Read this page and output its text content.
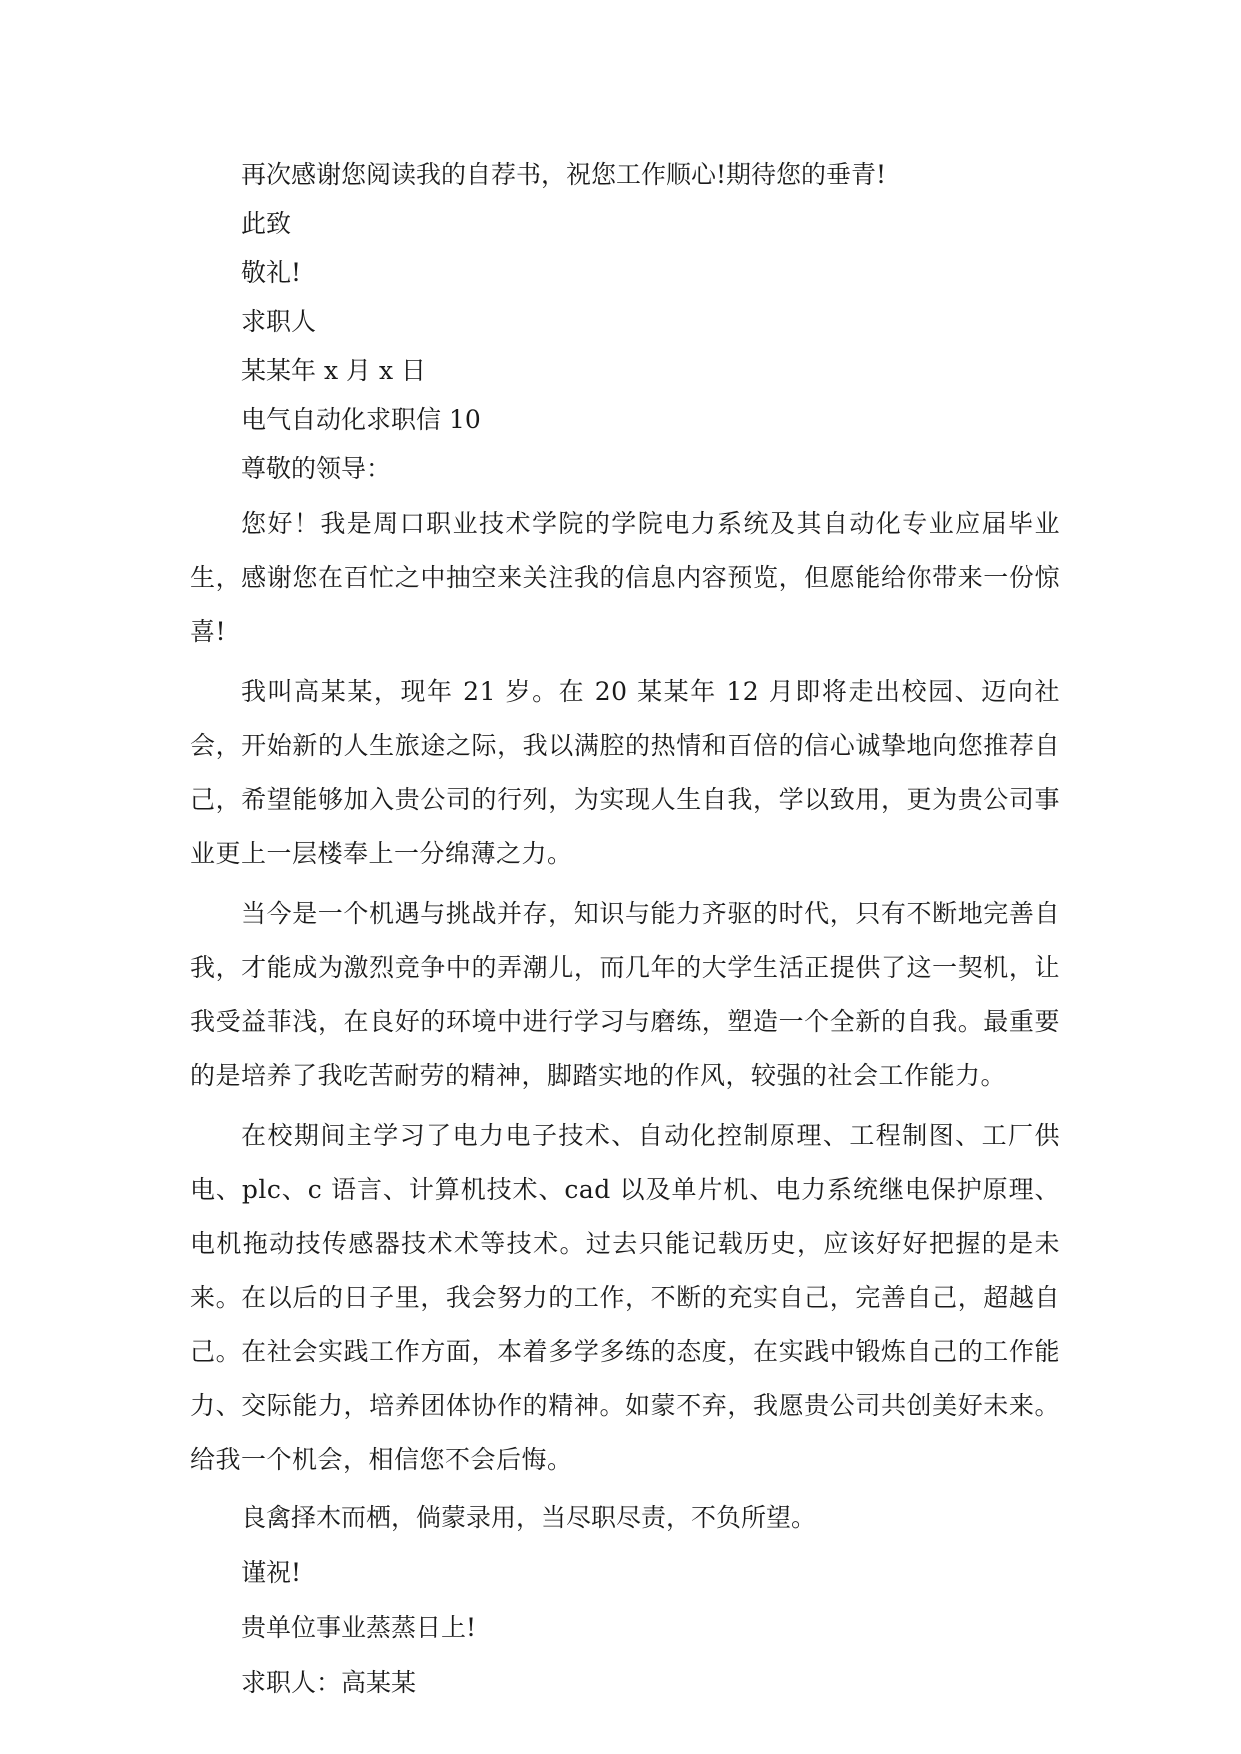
再次感谢您阅读我的自荐书，祝您工作顺心!期待您的垂青!
此致
敬礼!
求职人
某某年 x 月 x 日
电气自动化求职信 10
尊敬的领导：

您好！我是周口职业技术学院的学院电力系统及其自动化专业应届毕业生，感谢您在百忙之中抽空来关注我的信息内容预览，但愿能给你带来一份惊喜!

我叫高某某，现年 21 岁。在 20 某某年 12 月即将走出校园、迈向社会，开始新的人生旅途之际，我以满腔的热情和百倍的信心诚挚地向您推荐自己，希望能够加入贵公司的行列，为实现人生自我，学以致用，更为贵公司事业更上一层楼奉上一分绵薄之力。

当今是一个机遇与挑战并存，知识与能力齐驱的时代，只有不断地完善自我，才能成为激烈竞争中的弄潮儿，而几年的大学生活正提供了这一契机，让我受益菲浅，在良好的环境中进行学习与磨练，塑造一个全新的自我。最重要的是培养了我吃苦耐劳的精神，脚踏实地的作风，较强的社会工作能力。

在校期间主学习了电力电子技术、自动化控制原理、工程制图、工厂供电、plc、c 语言、计算机技术、cad 以及单片机、电力系统继电保护原理、电机拖动技传感器技术术等技术。过去只能记载历史，应该好好把握的是未来。在以后的日子里，我会努力的工作，不断的充实自己，完善自己，超越自己。在社会实践工作方面，本着多学多练的态度，在实践中锻炼自己的工作能力、交际能力，培养团体协作的精神。如蒙不弃，我愿贵公司共创美好未来。给我一个机会，相信您不会后悔。

良禽择木而栖，倘蒙录用，当尽职尽责，不负所望。
谨祝!
贵单位事业蒸蒸日上!
求职人：高某某
